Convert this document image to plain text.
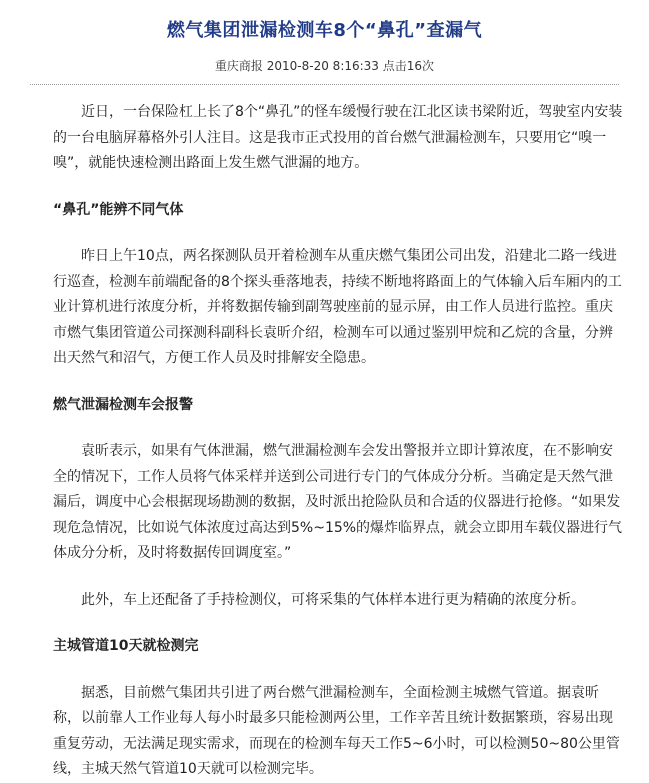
燃气集团泄漏检测车8个“鼻孔”查漏气
重庆商报 2010-8-20 8:16:33 点击16次

近日，一台保险杠上长了8个“鼻孔”的怪车缓慢行驶在江北区读书梁附近，驾驶室内安装的一台电脑屏幕格外引人注目。这是我市正式投用的首台燃气泄漏检测车，只要用它“嗅一嗅”，就能快速检测出路面上发生燃气泄漏的地方。

“鼻孔”能辨不同气体

昨日上午10点，两名探测队员开着检测车从重庆燃气集团公司出发，沿建北二路一线进行巡查，检测车前端配备的8个探头垂落地表，持续不断地将路面上的气体输入后车厢内的工业计算机进行浓度分析，并将数据传输到副驾驶座前的显示屏，由工作人员进行监控。重庆市燃气集团管道公司探测科副科长袁昕介绍，检测车可以通过鉴别甲烷和乙烷的含量，分辨出天然气和沼气，方便工作人员及时排解安全隐患。

燃气泄漏检测车会报警

袁昕表示，如果有气体泄漏，燃气泄漏检测车会发出警报并立即计算浓度，在不影响安全的情况下，工作人员将气体采样并送到公司进行专门的气体成分分析。当确定是天然气泄漏后，调度中心会根据现场勘测的数据，及时派出抢险队员和合适的仪器进行抢修。“如果发现危急情况，比如说气体浓度过高达到5%~15%的爆炸临界点，就会立即用车载仪器进行气体成分分析，及时将数据传回调度室。”

此外，车上还配备了手持检测仪，可将采集的气体样本进行更为精确的浓度分析。

主城管道10天就检测完

据悉，目前燃气集团共引进了两台燃气泄漏检测车，全面检测主城燃气管道。据袁昕称，以前靠人工作业每人每小时最多只能检测两公里，工作辛苦且统计数据繁琐，容易出现重复劳动，无法满足现实需求，而现在的检测车每天工作5~6小时，可以检测50~80公里管线，主城天然气管道10天就可以检测完毕。
